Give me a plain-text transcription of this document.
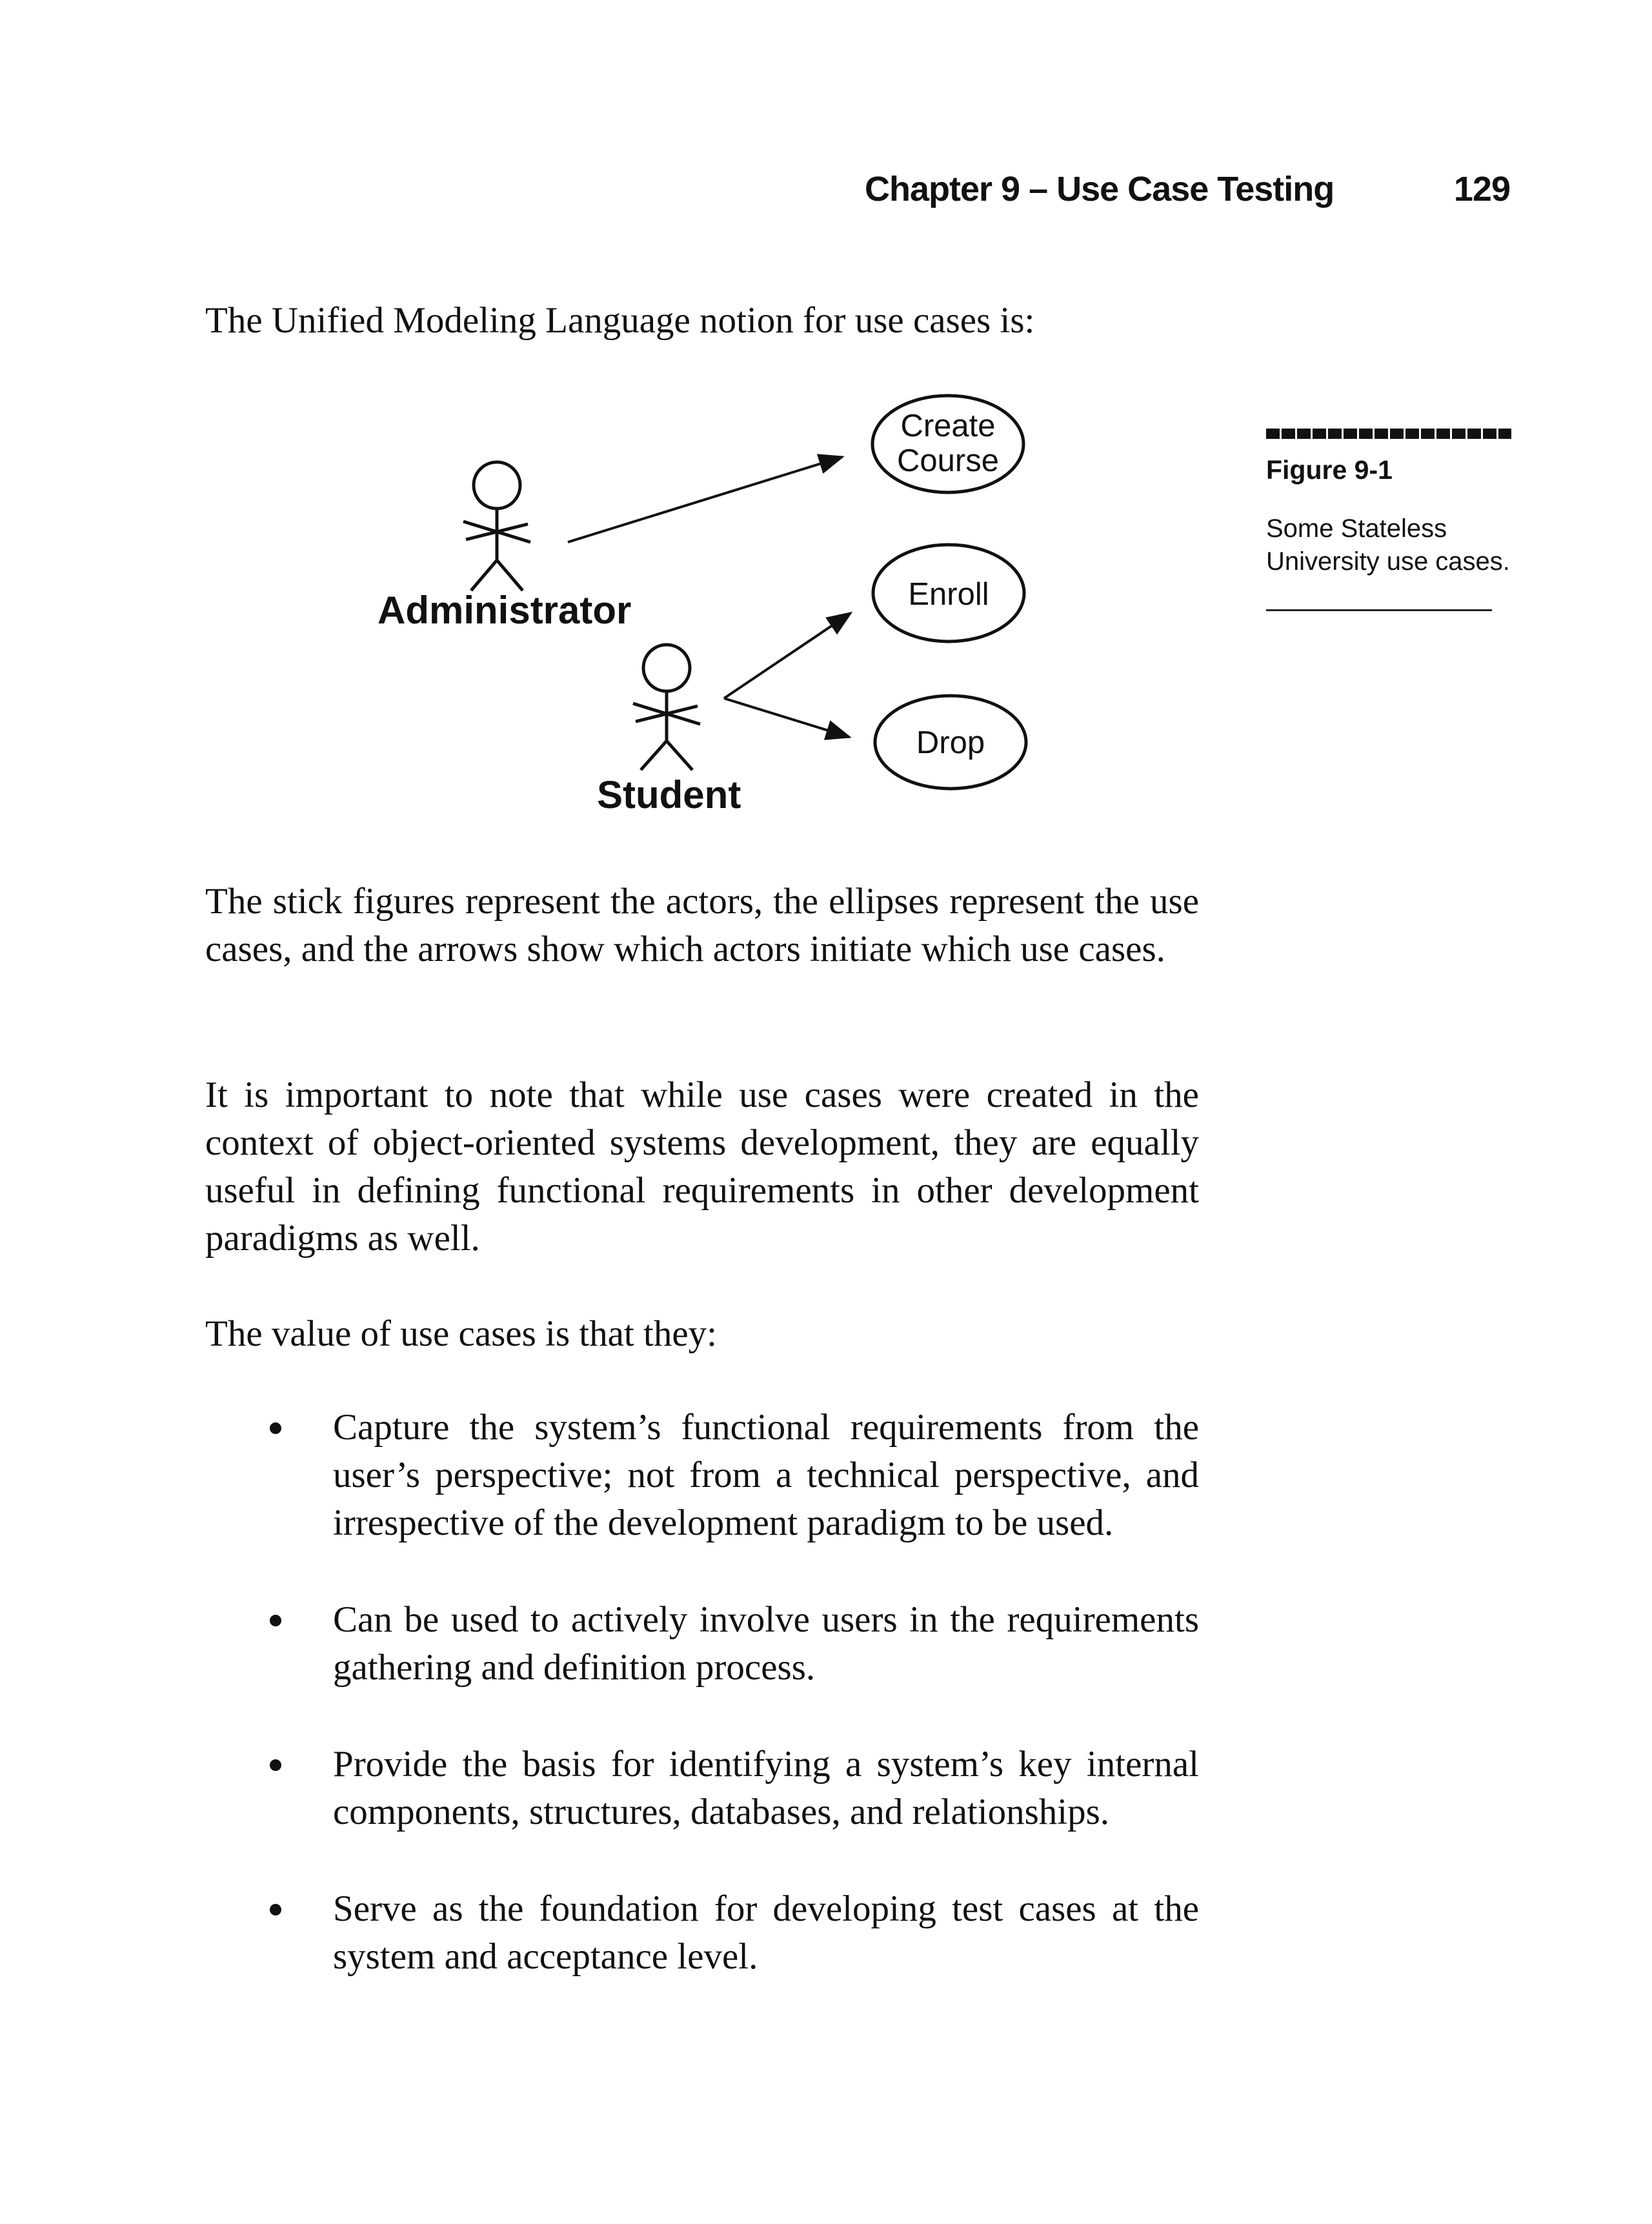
Chapter 9 – Use Case Testing	129

The Unified Modeling Language notion for use cases is:

Administrator
Student
Create
Course
Enroll
Drop
Figure 9-1
Some Stateless University use cases.

The stick figures represent the actors, the ellipses represent the use cases, and the arrows show which actors initiate which use cases.

It is important to note that while use cases were created in the context of object-oriented systems development, they are equally useful in defining functional requirements in other development paradigms as well.

The value of use cases is that they:

Capture the system’s functional requirements from the user’s perspective; not from a technical perspective, and irrespective of the development paradigm to be used.
Can be used to actively involve users in the requirements gathering and definition process.
Provide the basis for identifying a system’s key internal components, structures, databases, and relationships.
Serve as the foundation for developing test cases at the system and acceptance level.
